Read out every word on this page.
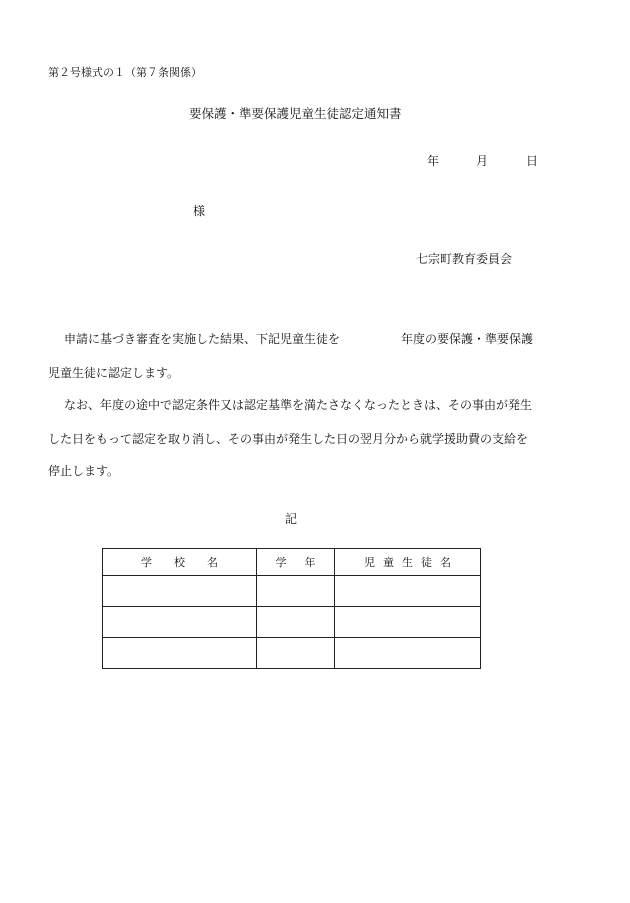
第２号様式の１（第７条関係）
要保護・準要保護児童生徒認定通知書
年	月	日
様
七宗町教育委員会
申請に基づき審査を実施した結果、下記児童生徒を	年度の要保護・準要保護
児童生徒に認定します。
なお、年度の途中で認定条件又は認定基準を満たさなくなったときは、その事由が発生
した日をもって認定を取り消し、その事由が発生した日の翌月分から就学援助費の支給を
停止します。
記
学校名	学年	児童生徒名
